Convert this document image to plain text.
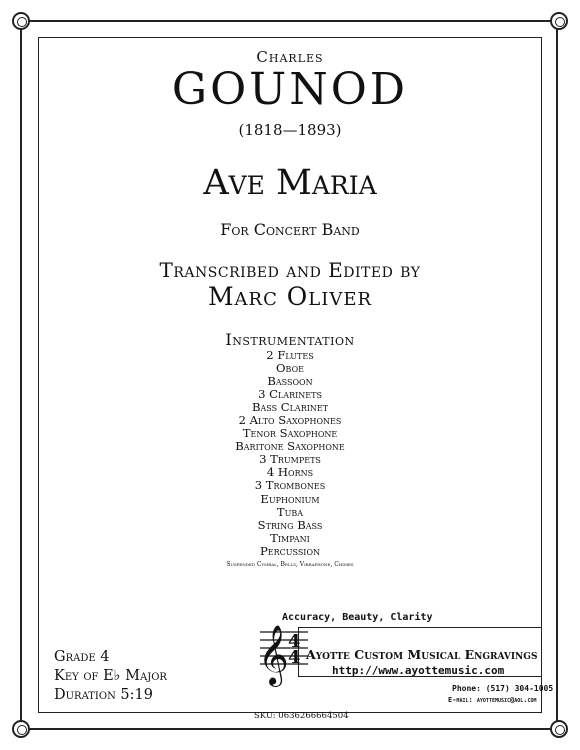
Charles
GOUNOD
(1818—1893)
Ave Maria
For Concert Band
Transcribed and Edited by
Marc Oliver
Instrumentation
2 Flutes
Oboe
Bassoon
3 Clarinets
Bass Clarinet
2 Alto Saxophones
Tenor Saxophone
Baritone Saxophone
3 Trumpets
4 Horns
3 Trombones
Euphonium
Tuba
String Bass
Timpani
Percussion
Suspended Cymbal, Bells, Vibraphone, Chimes
Grade 4
Key of E♭ Major
Duration 5:19
SKU: 0636266664504
Accuracy, Beauty, Clarity
𝄞 4
4 Ayotte Custom Musical Engravings
http://www.ayottemusic.com
Phone: (517) 304-1005
E-mail: ayottemusic@aol.com
